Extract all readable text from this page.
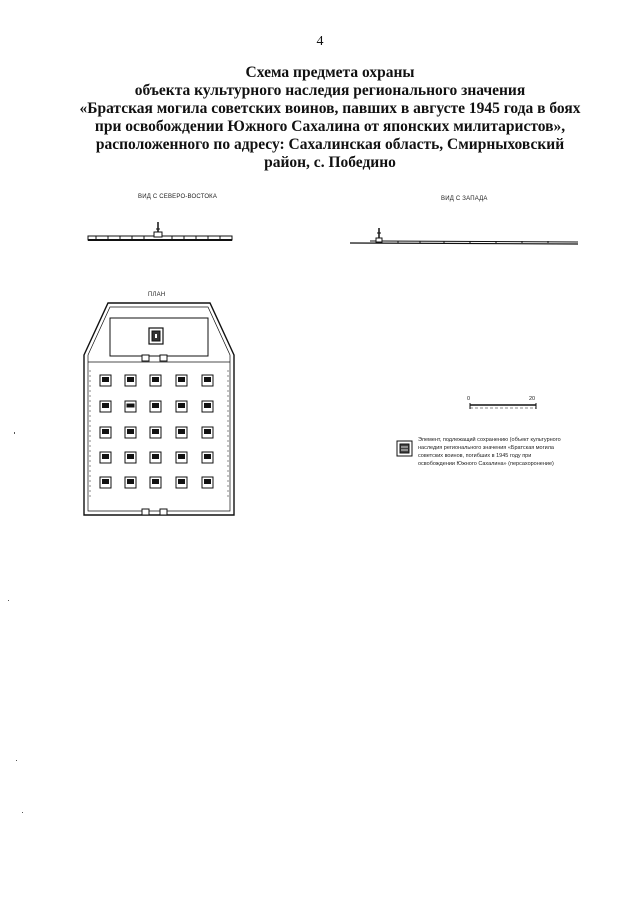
4
Схема предмета охраны
объекта культурного наследия регионального значения
«Братская могила советских воинов, павших в августе 1945 года в боях
при освобождении Южного Сахалина от японских милитаристов»,
расположенного по адресу: Сахалинская область, Смирныховский
район, с. Победино
ВИД С СЕВЕРО-ВОСТОКА	ВИД С ЗАПАДА
ПЛАН
0	20
Элемент, подлежащий сохранению (объект культурного наследия регионального значения «Братская могила советских воинов, погибших в 1945 году при освобождении Южного Сахалина» (персахоронение)
